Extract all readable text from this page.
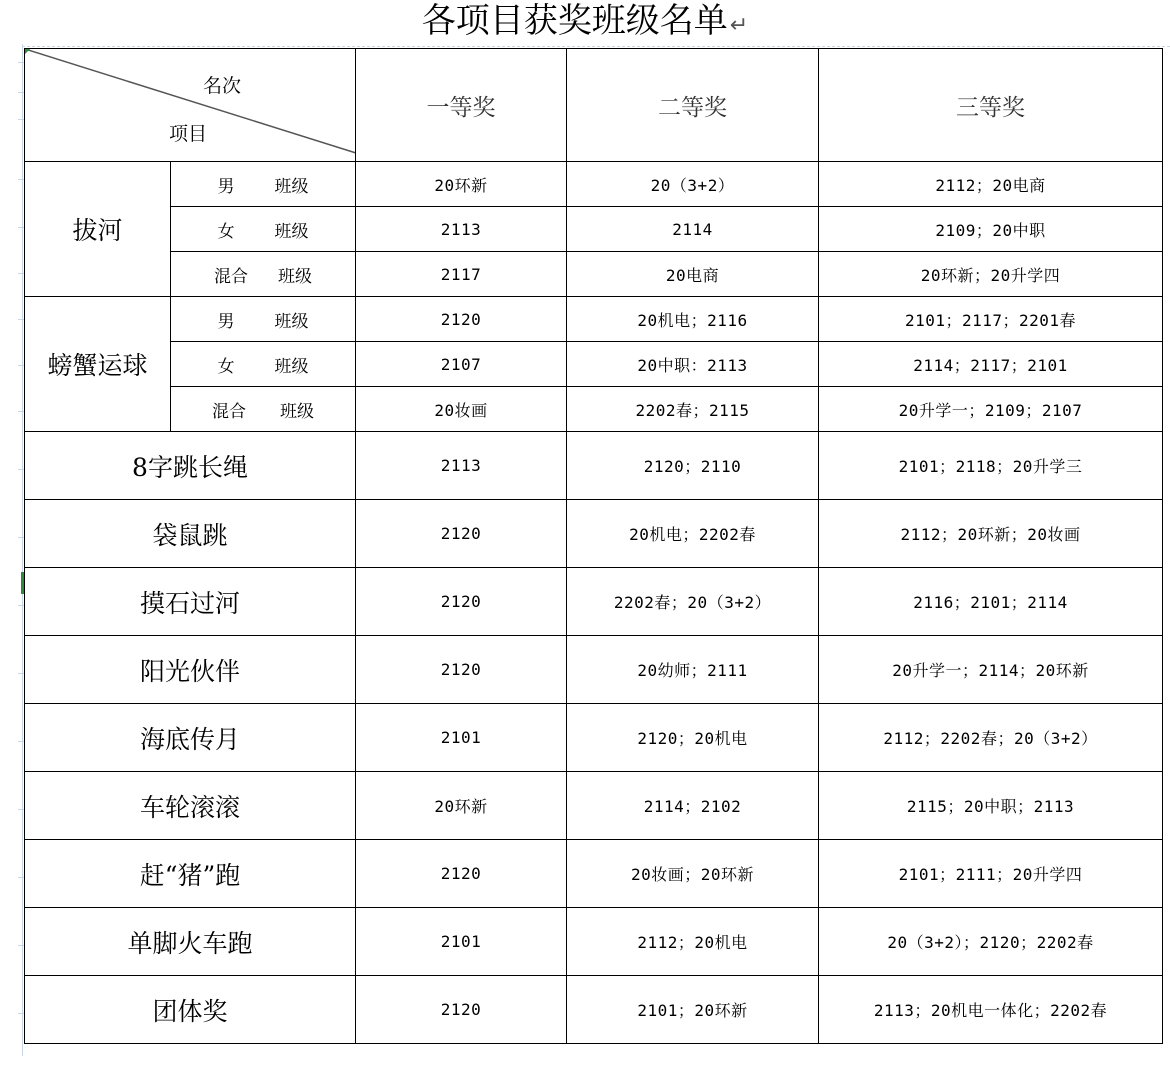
各项目获奖班级名单↵
名次
项目		一等奖	二等奖	三等奖
拔河	男 班级	20环新	20（3+2）	2112；20电商
	女 班级	2113	2114	2109；20中职
	混合 班级	2117	20电商	20环新；20升学四
螃蟹运球	男 班级	2120	20机电；2116	2101；2117；2201春
	女 班级	2107	20中职：2113	2114；2117；2101
	混合 班级	20妆画	2202春；2115	20升学一；2109；2107
8字跳长绳		2113	2120；2110	2101；2118；20升学三
袋鼠跳		2120	20机电；2202春	2112；20环新；20妆画
摸石过河		2120	2202春；20（3+2）	2116；2101；2114
阳光伙伴		2120	20幼师；2111	20升学一；2114；20环新
海底传月		2101	2120；20机电	2112；2202春；20（3+2）
车轮滚滚		20环新	2114；2102	2115；20中职；2113
赶“猪”跑		2120	20妆画；20环新	2101；2111；20升学四
单脚火车跑		2101	2112；20机电	20（3+2）；2120；2202春
团体奖		2120	2101；20环新	2113；20机电一体化；2202春
